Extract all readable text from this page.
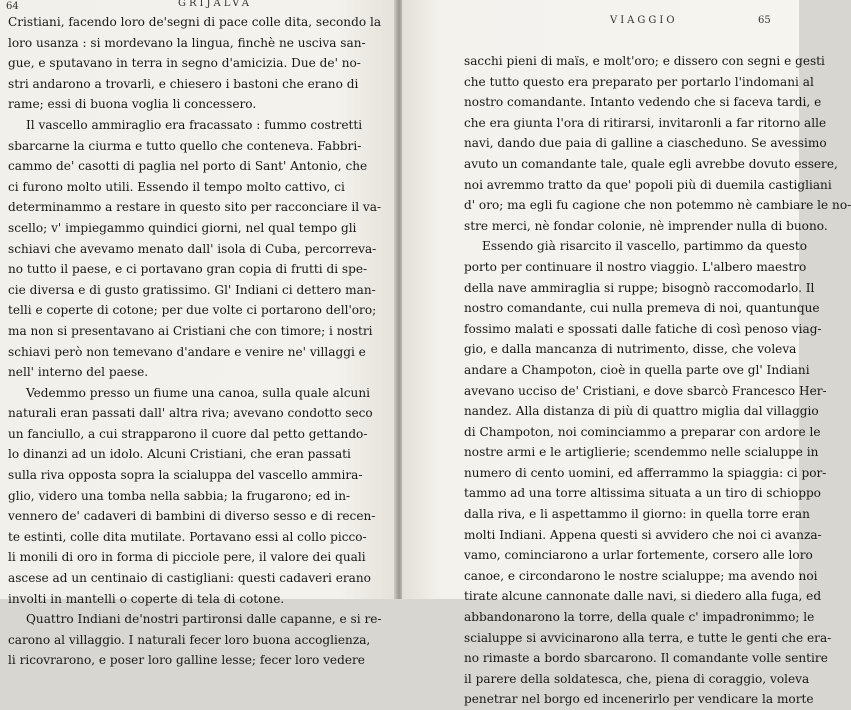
64	GRIJALVA
Cristiani, facendo loro de'segni di pace colle dita, secondo la
loro usanza : si mordevano la lingua, finchè ne usciva san-
gue, e sputavano in terra in segno d'amicizia. Due de' no-
stri andarono a trovarli, e chiesero i bastoni che erano di
rame; essi di buona voglia li concessero.
Il vascello ammiraglio era fracassato : fummo costretti
sbarcarne la ciurma e tutto quello che conteneva. Fabbri-
cammo de' casotti di paglia nel porto di Sant' Antonio, che
ci furono molto utili. Essendo il tempo molto cattivo, ci
determinammo a restare in questo sito per racconciare il va-
scello; v' impiegammo quindici giorni, nel qual tempo gli
schiavi che avevamo menato dall' isola di Cuba, percorreva-
no tutto il paese, e ci portavano gran copia di frutti di spe-
cie diversa e di gusto gratissimo. Gl' Indiani ci dettero man-
telli e coperte di cotone; per due volte ci portarono dell'oro;
ma non si presentavano ai Cristiani che con timore; i nostri
schiavi però non temevano d'andare e venire ne' villaggi e
nell' interno del paese.
Vedemmo presso un fiume una canoa, sulla quale alcuni
naturali eran passati dall' altra riva; avevano condotto seco
un fanciullo, a cui strapparono il cuore dal petto gettando-
lo dinanzi ad un idolo. Alcuni Cristiani, che eran passati
sulla riva opposta sopra la scialuppa del vascello ammira-
glio, videro una tomba nella sabbia; la frugarono; ed in-
vennero de' cadaveri di bambini di diverso sesso e di recen-
te estinti, colle dita mutilate. Portavano essi al collo picco-
li monili di oro in forma di picciole pere, il valore dei quali
ascese ad un centinaio di castigliani: questi cadaveri erano
involti in mantelli o coperte di tela di cotone.
Quattro Indiani de'nostri partironsi dalle capanne, e si re-
carono al villaggio. I naturali fecer loro buona accoglienza,
li ricovrarono, e poser loro galline lesse; fecer loro vedere
VIAGGIO	65
sacchi pieni di maïs, e molt'oro; e dissero con segni e gesti
che tutto questo era preparato per portarlo l'indomani al
nostro comandante. Intanto vedendo che si faceva tardi, e
che era giunta l'ora di ritirarsi, invitaronli a far ritorno alle
navi, dando due paia di galline a ciascheduno. Se avessimo
avuto un comandante tale, quale egli avrebbe dovuto essere,
noi avremmo tratto da que' popoli più di duemila castigliani
d' oro; ma egli fu cagione che non potemmo nè cambiare le no-
stre merci, nè fondar colonie, nè imprender nulla di buono.
Essendo già risarcito il vascello, partimmo da questo
porto per continuare il nostro viaggio. L'albero maestro
della nave ammiraglia si ruppe; bisognò raccomodarlo. Il
nostro comandante, cui nulla premeva di noi, quantunque
fossimo malati e spossati dalle fatiche di così penoso viag-
gio, e dalla mancanza di nutrimento, disse, che voleva
andare a Champoton, cioè in quella parte ove gl' Indiani
avevano ucciso de' Cristiani, e dove sbarcò Francesco Her-
nandez. Alla distanza di più di quattro miglia dal villaggio
di Champoton, noi cominciammo a preparar con ardore le
nostre armi e le artiglierie; scendemmo nelle scialuppe in
numero di cento uomini, ed afferrammo la spiaggia: ci por-
tammo ad una torre altissima situata a un tiro di schioppo
dalla riva, e li aspettammo il giorno: in quella torre eran
molti Indiani. Appena questi si avvidero che noi ci avanza-
vamo, cominciarono a urlar fortemente, corsero alle loro
canoe, e circondarono le nostre scialuppe; ma avendo noi
tirate alcune cannonate dalle navi, si diedero alla fuga, ed
abbandonarono la torre, della quale c' impadronimmo; le
scialuppe si avvicinarono alla terra, e tutte le genti che era-
no rimaste a bordo sbarcarono. Il comandante volle sentire
il parere della soldatesca, che, piena di coraggio, voleva
penetrar nel borgo ed incenerirlo per vendicare la morte
